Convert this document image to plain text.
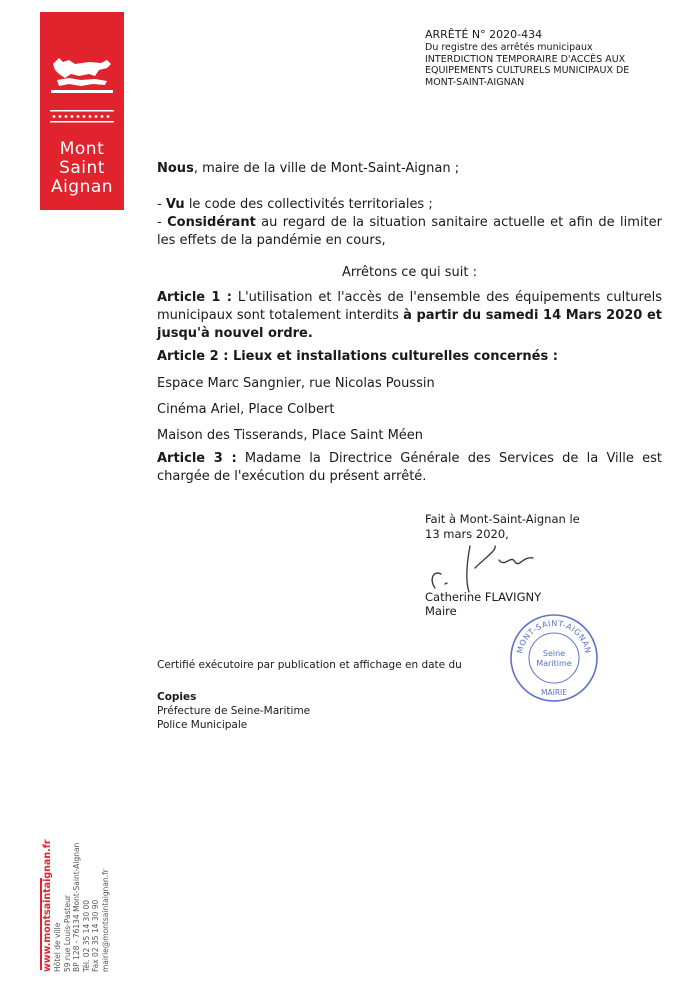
Mont
Saint
Aignan
ARRÊTÉ N° 2020-434
Du registre des arrêtés municipaux
INTERDICTION TEMPORAIRE D'ACCÈS AUX
EQUIPEMENTS CULTURELS MUNICIPAUX DE
MONT-SAINT-AIGNAN
Nous, maire de la ville de Mont-Saint-Aignan ;
- Vu le code des collectivités territoriales ;
- Considérant au regard de la situation sanitaire actuelle et afin de limiter les effets de la pandémie en cours,
Arrêtons ce qui suit :
Article 1 : L'utilisation et l'accès de l'ensemble des équipements culturels municipaux sont totalement interdits à partir du samedi 14 Mars 2020 et jusqu'à nouvel ordre.
Article 2 : Lieux et installations culturelles concernés :
Espace Marc Sangnier, rue Nicolas Poussin
Cinéma Ariel, Place Colbert
Maison des Tisserands, Place Saint Méen
Article 3 : Madame la Directrice Générale des Services de la Ville est chargée de l'exécution du présent arrêté.
Fait à Mont-Saint-Aignan le
13 mars 2020,
Catherine FLAVIGNY
Maire
MONT-SAINT-AIGNAN
Seine
Maritime
MAIRIE
Certifié exécutoire par publication et affichage en date du
Copies
Préfecture de Seine-Maritime
Police Municipale
www.montsaintaignan.fr Hôtel de ville 59 rue Louis-Pasteur BP 128 - 76134 Mont-Saint-Aignan Tél. 02 35 14 30 00 Fax 02 35 14 30 90 mairie@montsaintaignan.fr
